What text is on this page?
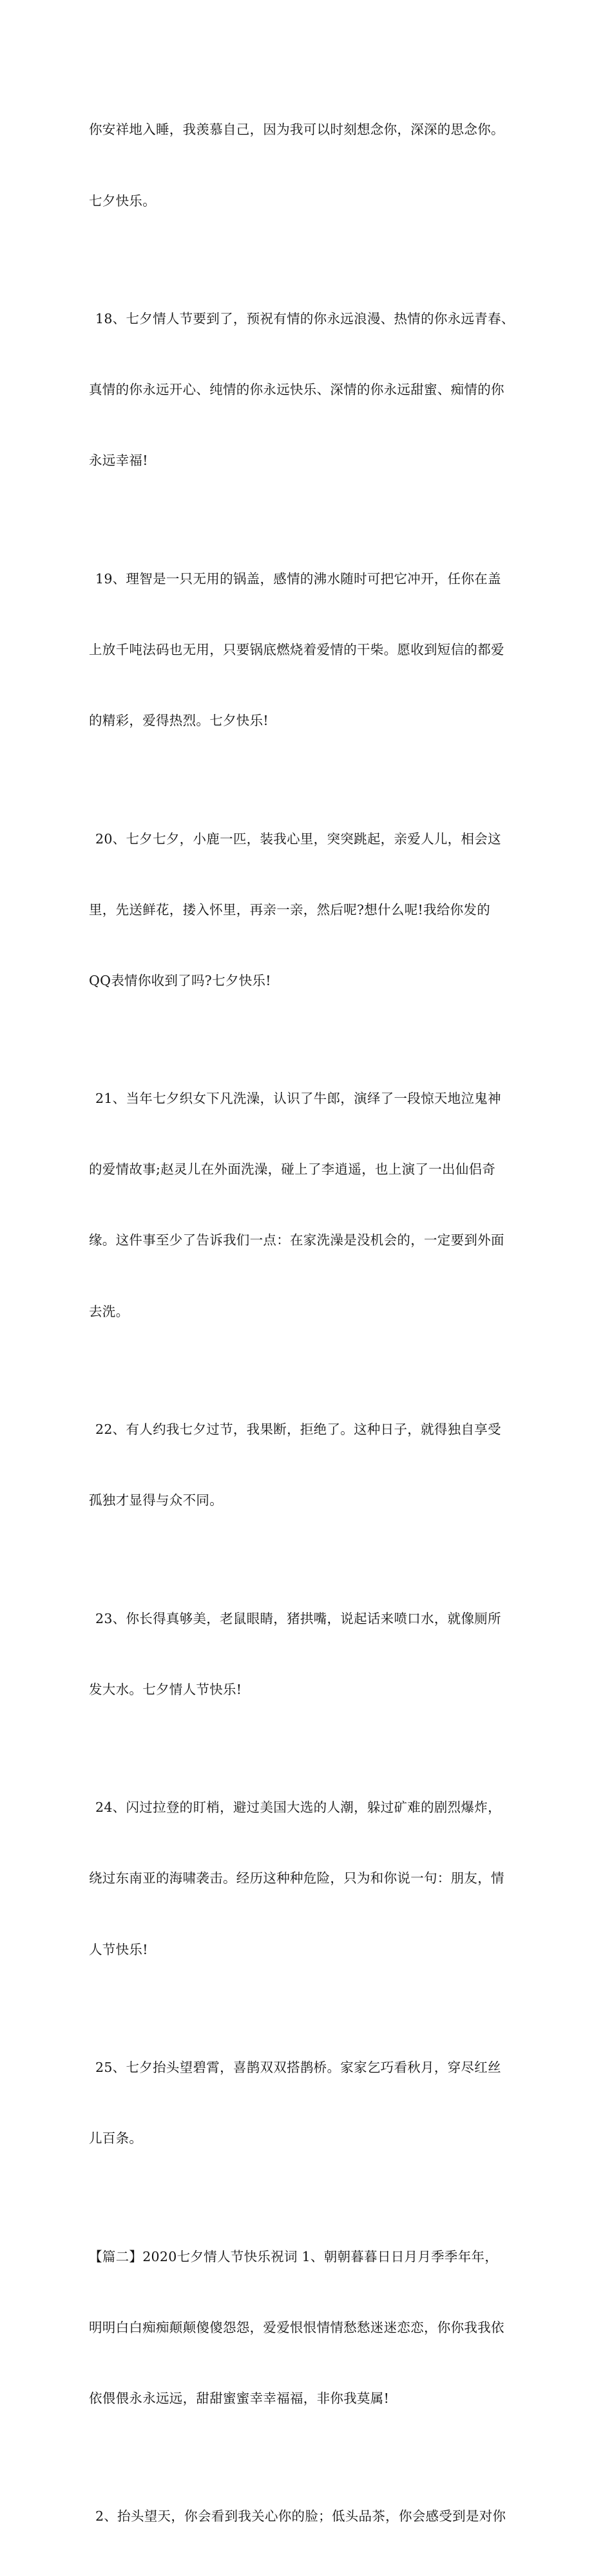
你安祥地入睡，我羡慕自己，因为我可以时刻想念你，深深的思念你。

七夕快乐。

18、七夕情人节要到了，预祝有情的你永远浪漫、热情的你永远青春、

真情的你永远开心、纯情的你永远快乐、深情的你永远甜蜜、痴情的你

永远幸福!

19、理智是一只无用的锅盖，感情的沸水随时可把它冲开，任你在盖

上放千吨法码也无用，只要锅底燃烧着爱情的干柴。愿收到短信的都爱

的精彩，爱得热烈。七夕快乐!

20、七夕七夕，小鹿一匹，装我心里，突突跳起，亲爱人儿，相会这

里，先送鲜花，搂入怀里，再亲一亲，然后呢?想什么呢!我给你发的

QQ表情你收到了吗?七夕快乐!

21、当年七夕织女下凡洗澡，认识了牛郎，演绎了一段惊天地泣鬼神

的爱情故事;赵灵儿在外面洗澡，碰上了李逍遥，也上演了一出仙侣奇

缘。这件事至少了告诉我们一点：在家洗澡是没机会的，一定要到外面

去洗。

22、有人约我七夕过节，我果断，拒绝了。这种日子，就得独自享受

孤独才显得与众不同。

23、你长得真够美，老鼠眼睛，猪拱嘴，说起话来喷口水，就像厕所

发大水。七夕情人节快乐!

24、闪过拉登的盯梢，避过美国大选的人潮，躲过矿难的剧烈爆炸，

绕过东南亚的海啸袭击。经历这种种危险，只为和你说一句：朋友，情

人节快乐!

25、七夕抬头望碧霄，喜鹊双双搭鹊桥。家家乞巧看秋月，穿尽红丝

儿百条。

【篇二】2020七夕情人节快乐祝词 1、朝朝暮暮日日月月季季年年，

明明白白痴痴颠颠傻傻怨怨，爱爱恨恨情情愁愁迷迷恋恋，你你我我依

依偎偎永永远远，甜甜蜜蜜幸幸福福，非你我莫属!

2、抬头望天，你会看到我关心你的脸；低头品茶，你会感受到是对你
